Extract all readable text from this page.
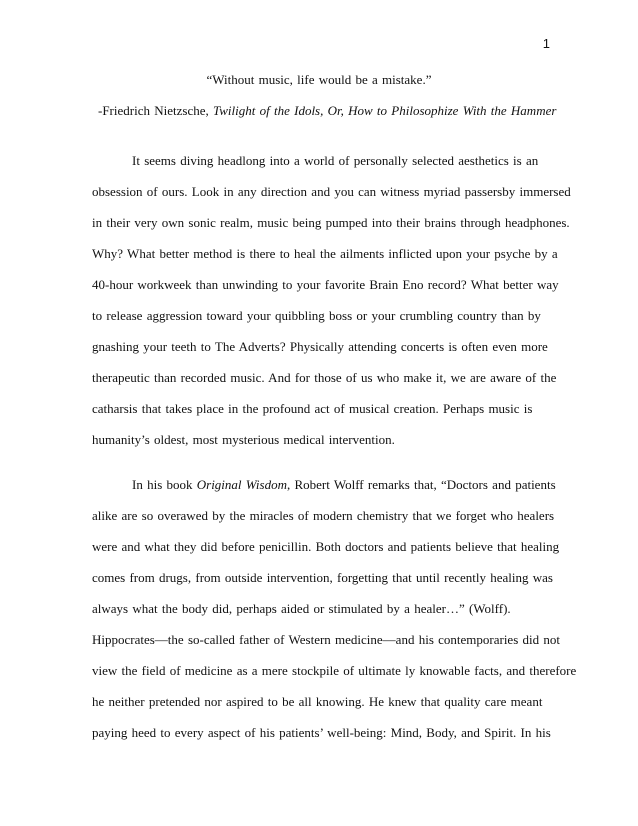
1
“Without music, life would be a mistake.”
-Friedrich Nietzsche, Twilight of the Idols, Or, How to Philosophize With the Hammer
It seems diving headlong into a world of personally selected aesthetics is an
obsession of ours. Look in any direction and you can witness myriad passersby immersed
in their very own sonic realm, music being pumped into their brains through headphones.
Why? What better method is there to heal the ailments inflicted upon your psyche by a
40-hour workweek than unwinding to your favorite Brain Eno record? What better way
to release aggression toward your quibbling boss or your crumbling country than by
gnashing your teeth to The Adverts? Physically attending concerts is often even more
therapeutic than recorded music. And for those of us who make it, we are aware of the
catharsis that takes place in the profound act of musical creation. Perhaps music is
humanity’s oldest, most mysterious medical intervention.
In his book Original Wisdom, Robert Wolff remarks that, “Doctors and patients
alike are so overawed by the miracles of modern chemistry that we forget who healers
were and what they did before penicillin. Both doctors and patients believe that healing
comes from drugs, from outside intervention, forgetting that until recently healing was
always what the body did, perhaps aided or stimulated by a healer…” (Wolff).
Hippocrates—the so-called father of Western medicine—and his contemporaries did not
view the field of medicine as a mere stockpile of ultimate ly knowable facts, and therefore
he neither pretended nor aspired to be all knowing. He knew that quality care meant
paying heed to every aspect of his patients’ well-being: Mind, Body, and Spirit. In his
